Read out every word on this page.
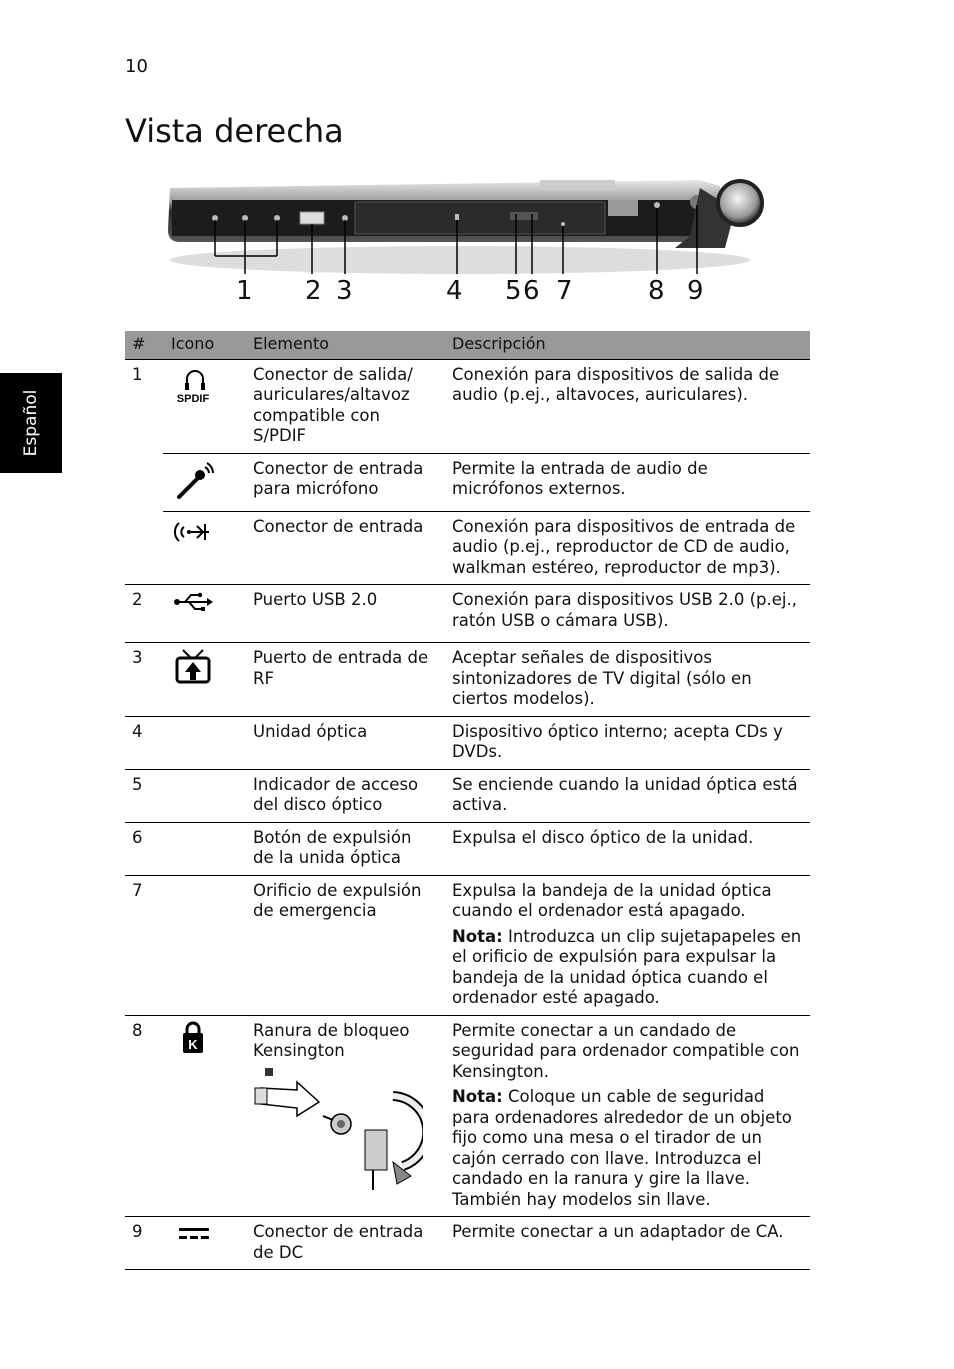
10
Vista derecha
Español
1 2 3	4 5 6 7	8 9
#	Icono	Elemento	Descripción
1	SPDIF	Conector de salida/ auriculares/altavoz compatible con S/PDIF	Conexión para dispositivos de salida de audio (p.ej., altavoces, auriculares).

	Conector de entrada para micrófono	Permite la entrada de audio de micrófonos externos.

	Conector de entrada	Conexión para dispositivos de entrada de audio (p.ej., reproductor de CD de audio, walkman estéreo, reproductor de mp3).
2		Puerto USB 2.0	Conexión para dispositivos USB 2.0 (p.ej., ratón USB o cámara USB).
3		Puerto de entrada de RF	Aceptar señales de dispositivos sintonizadores de TV digital (sólo en ciertos modelos).
4		Unidad óptica	Dispositivo óptico interno; acepta CDs y DVDs.
5		Indicador de acceso del disco óptico	Se enciende cuando la unidad óptica está activa.
6		Botón de expulsión de la unida óptica	Expulsa el disco óptico de la unidad.
7		Orificio de expulsión de emergencia	Expulsa la bandeja de la unidad óptica cuando el ordenador está apagado.
Nota: Introduzca un clip sujetapapeles en el orificio de expulsión para expulsar la bandeja de la unidad óptica cuando el ordenador esté apagado.

8	K	Ranura de bloqueo Kensington	Permite conectar a un candado de seguridad para ordenador compatible con Kensington.
Nota: Coloque un cable de seguridad para ordenadores alrededor de un objeto fijo como una mesa o el tirador de un cajón cerrado con llave. Introduzca el candado en la ranura y gire la llave. También hay modelos sin llave.

9		Conector de entrada de DC	Permite conectar a un adaptador de CA.
